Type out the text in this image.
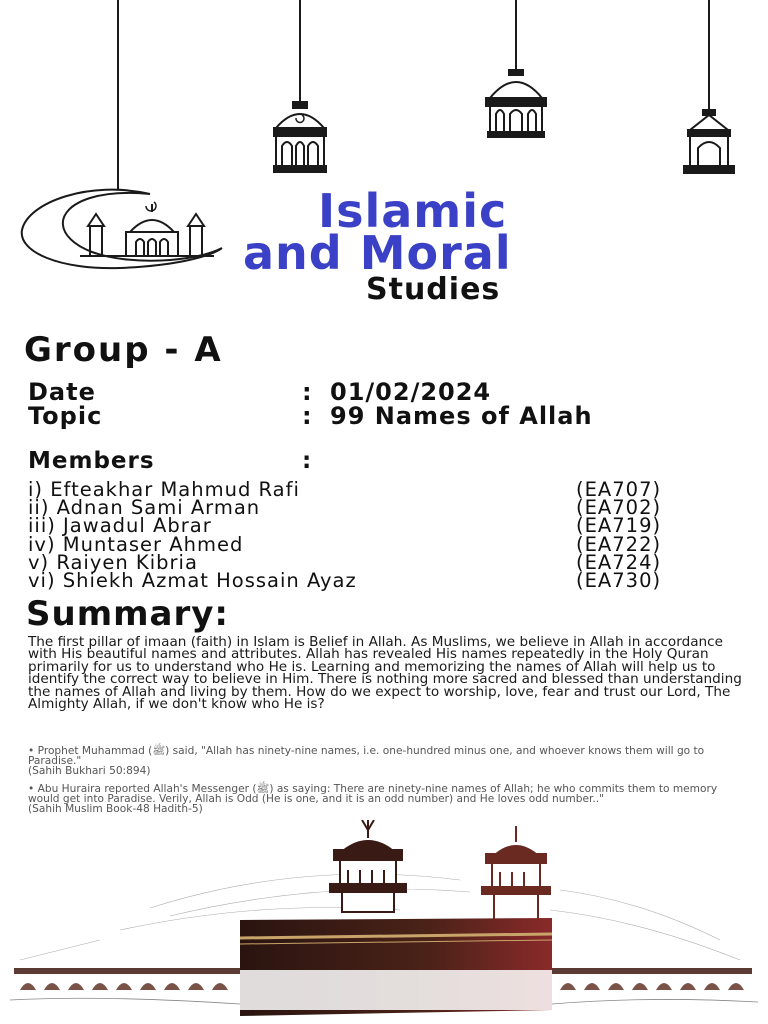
Islamic
and Moral
Studies
Group - A
Date	: 01/02/2024
Topic	: 99 Names of Allah
Members	:
i) Efteakhar Mahmud Rafi	(EA707)
ii) Adnan Sami Arman	(EA702)
iii) Jawadul Abrar	(EA719)
iv) Muntaser Ahmed	(EA722)
v) Raiyen Kibria	(EA724)
vi) Shiekh Azmat Hossain Ayaz	(EA730)
Summary:

The first pillar of imaan (faith) in Islam is Belief in Allah. As Muslims, we believe in Allah in accordance with His beautiful names and attributes. Allah has revealed His names repeatedly in the Holy Quran primarily for us to understand who He is. Learning and memorizing the names of Allah will help us to identify the correct way to believe in Him. There is nothing more sacred and blessed than understanding the names of Allah and living by them. How do we expect to worship, love, fear and trust our Lord, The Almighty Allah, if we don't know who He is?

• Prophet Muhammad (ﷺ) said, "Allah has ninety-nine names, i.e. one-hundred minus one, and whoever knows them will go to Paradise."
(Sahih Bukhari 50:894)
• Abu Huraira reported Allah's Messenger (ﷺ) as saying: There are ninety-nine names of Allah; he who commits them to memory would get into Paradise. Verily, Allah is Odd (He is one, and it is an odd number) and He loves odd number.."
(Sahih Muslim Book-48 Hadith-5)
